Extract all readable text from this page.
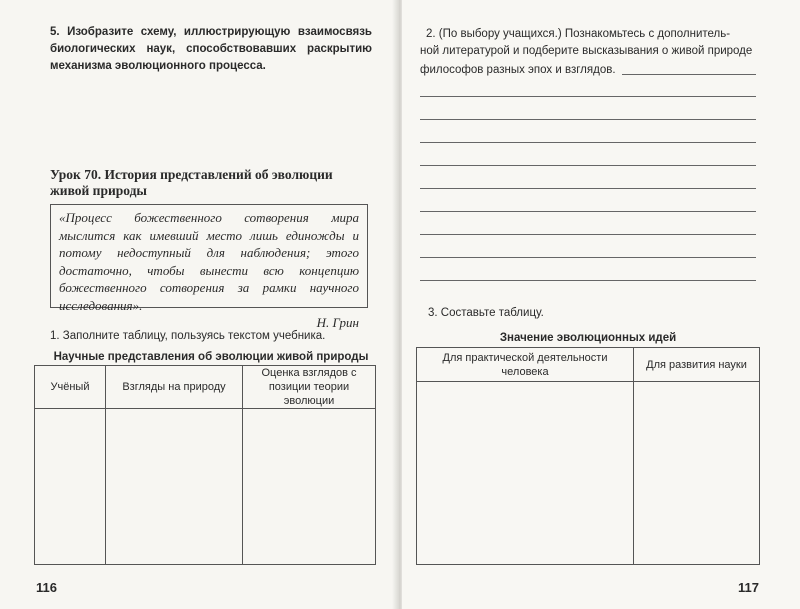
5. Изобразите схему, иллюстрирующую взаимосвязь биологических наук, способствовавших раскрытию механизма эволюционного процесса.
Урок 70. История представлений об эволюции
живой природы
«Процесс божественного сотворения мира мыслится как имевший место лишь единожды и потому недоступный для наблюдения; этого достаточно, чтобы вынести всю концепцию божественного сотворения за рамки научного исследования».
Н. Грин
1. Заполните таблицу, пользуясь текстом учебника.
Научные представления об эволюции живой природы
Учёный	Взгляды на природу	Оценка взглядов с позиции теории эволюции

116
2. (По выбору учащихся.) Познакомьтесь с дополнитель-
ной литературой и подберите высказывания о живой природе
философов разных эпох и взглядов.
3. Составьте таблицу.
Значение эволюционных идей
Для практической деятельности человека	Для развития науки

117
